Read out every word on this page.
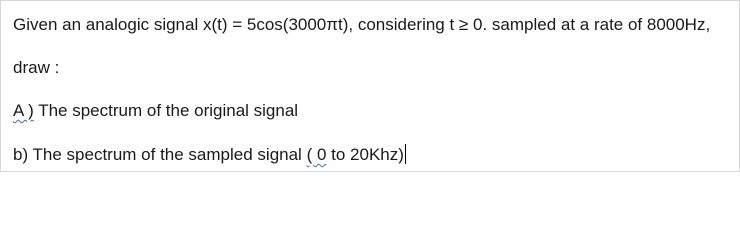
Given an analogic signal x(t) = 5cos(3000πt), considering t ≥ 0. sampled at a rate of 8000Hz,
draw :
A ) The spectrum of the original signal
b) The spectrum of the sampled signal ( 0 to 20Khz)
